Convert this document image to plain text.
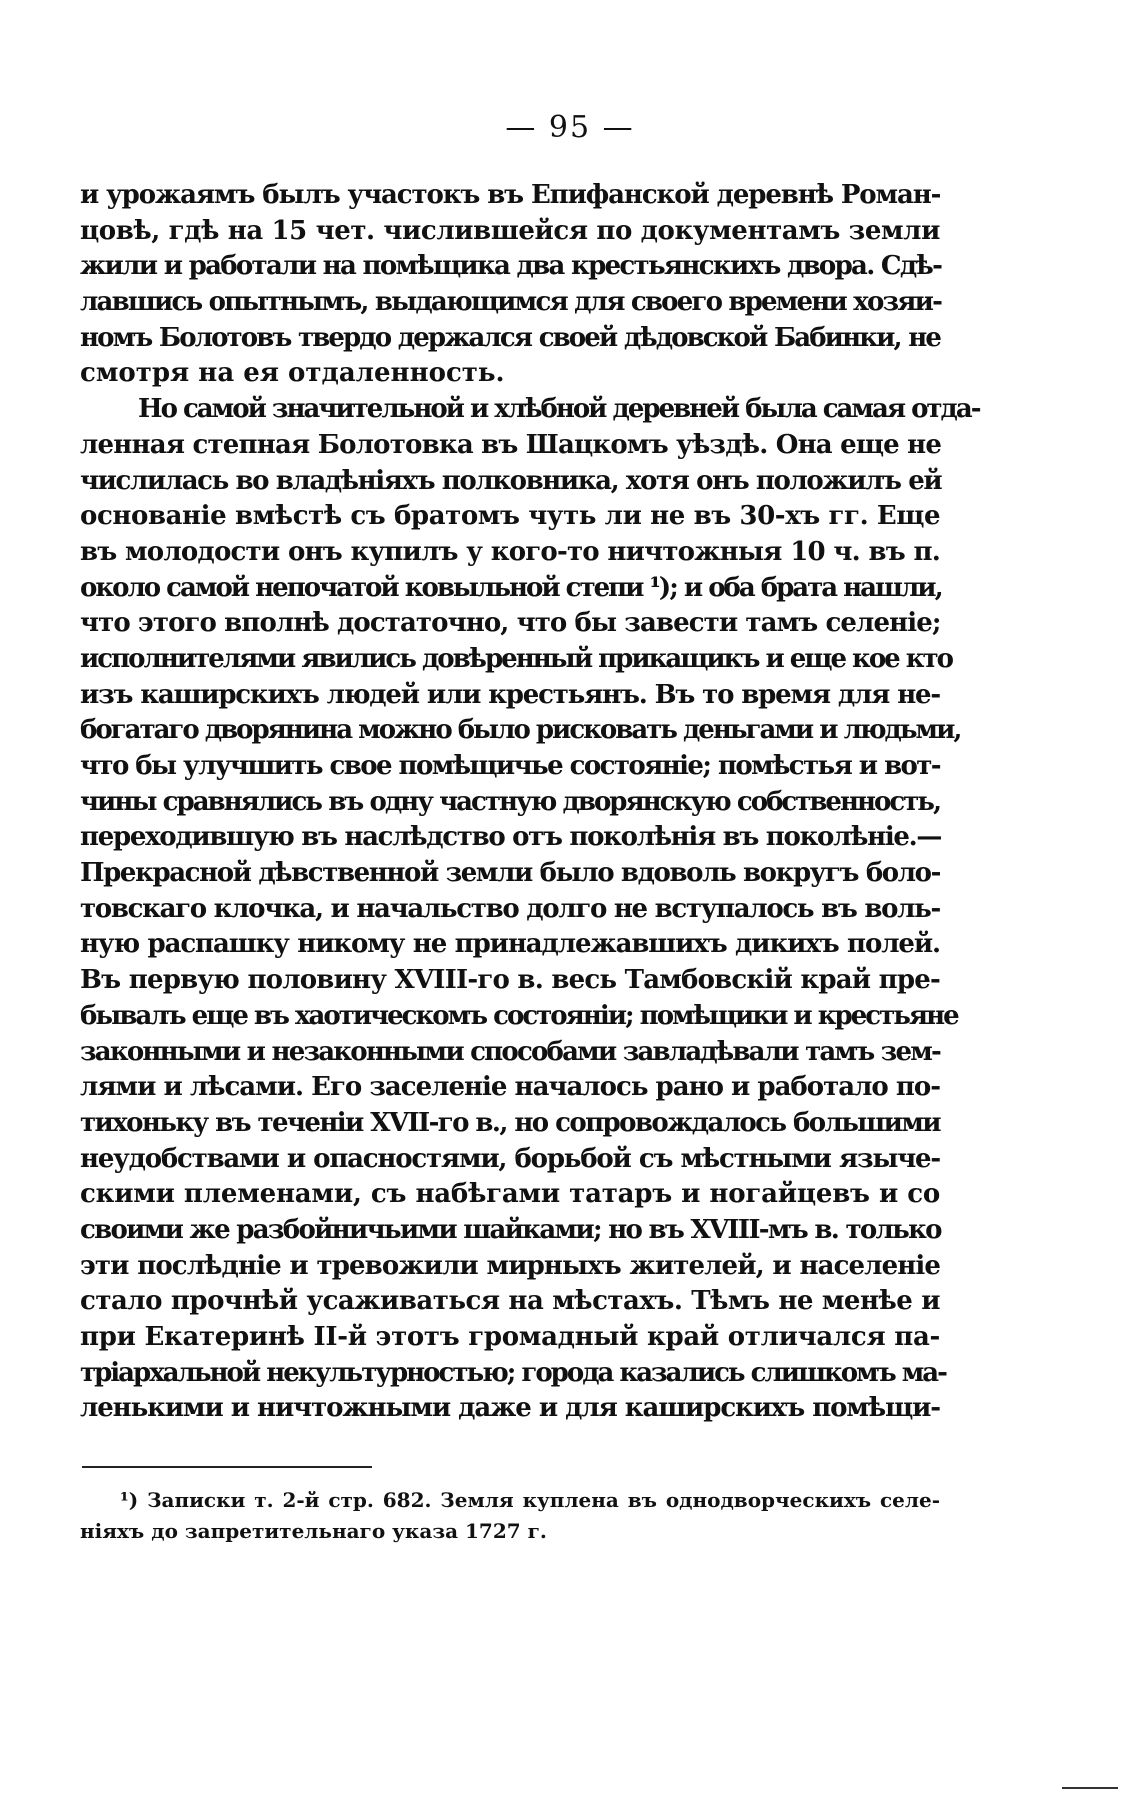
— 95 —
и урожаямъ былъ участокъ въ Епифанской деревнѣ Роман-
цовѣ, гдѣ на 15 чет. числившейся по документамъ земли
жили и работали на помѣщика два крестьянскихъ двора. Сдѣ-
лавшись опытнымъ, выдающимся для своего времени хозяи-
номъ Болотовъ твердо держался своей дѣдовской Бабинки, не
смотря на ея отдаленность.
Но самой значительной и хлѣбной деревней была самая отда-
ленная степная Болотовка въ Шацкомъ уѣздѣ. Она еще не
числилась во владѣніяхъ полковника, хотя онъ положилъ ей
основаніе вмѣстѣ съ братомъ чуть ли не въ 30-хъ гг. Еще
въ молодости онъ купилъ у кого-то ничтожныя 10 ч. въ п.
около самой непочатой ковыльной степи ¹); и оба брата нашли,
что этого вполнѣ достаточно, что бы завести тамъ селеніе;
исполнителями явились довѣренный прикащикъ и еще кое кто
изъ каширскихъ людей или крестьянъ. Въ то время для не-
богатаго дворянина можно было рисковать деньгами и людьми,
что бы улучшить свое помѣщичье состояніе; помѣстья и вот-
чины сравнялись въ одну частную дворянскую собственность,
переходившую въ наслѣдство отъ поколѣнія въ поколѣніе.—
Прекрасной дѣвственной земли было вдоволь вокругъ боло-
товскаго клочка, и начальство долго не вступалось въ воль-
ную распашку никому не принадлежавшихъ дикихъ полей.
Въ первую половину XVIII-го в. весь Тамбовскій край пре-
бывалъ еще въ хаотическомъ состояніи; помѣщики и крестьяне
законными и незаконными способами завладѣвали тамъ зем-
лями и лѣсами. Его заселеніе началось рано и работало по-
тихоньку въ теченіи XVII-го в., но сопровождалось большими
неудобствами и опасностями, борьбой съ мѣстными языче-
скими племенами, съ набѣгами татаръ и ногайцевъ и со
своими же разбойничьими шайками; но въ XVIII-мъ в. только
эти послѣдніе и тревожили мирныхъ жителей, и населеніе
стало прочнѣй усаживаться на мѣстахъ. Тѣмъ не менѣе и
при Екатеринѣ II-й этотъ громадный край отличался па-
тріархальной некультурностью; города казались слишкомъ ма-
ленькими и ничтожными даже и для каширскихъ помѣщи-
¹) Записки т. 2-й стр. 682. Земля куплена въ однодворческихъ селе-
ніяхъ до запретительнаго указа 1727 г.
